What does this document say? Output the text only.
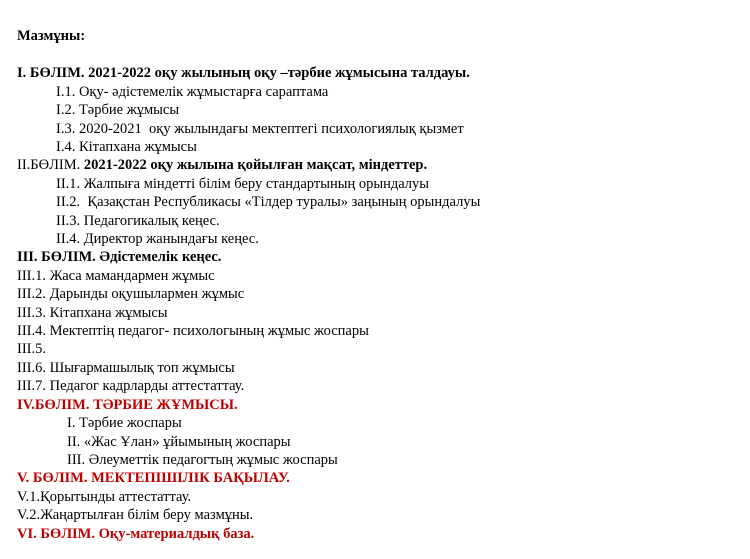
Мазмұны:
І. БӨЛІМ. 2021-2022 оқу жылының оқу –тәрбие жұмысына талдауы.
І.1. Оқу- әдістемелік жұмыстарға сараптама
І.2. Тәрбие жұмысы
І.3. 2020-2021  оқу жылындағы мектептегі психологиялық қызмет
І.4. Кітапхана жұмысы
ІІ.БӨЛІМ. 2021-2022 оқу жылына қойылған мақсат, міндеттер.
ІІ.1. Жалпыға міндетті білім беру стандартының орындалуы
ІІ.2.  Қазақстан Республикасы «Тілдер туралы» заңының орындалуы
ІІ.3. Педагогикалық кеңес.
ІІ.4. Директор жанындағы кеңес.
ІІІ. БӨЛІМ. Әдістемелік кеңес.
ІІІ.1. Жаса мамандармен жұмыс
ІІІ.2. Дарынды оқушылармен жұмыс
ІІІ.3. Кітапхана жұмысы
ІІІ.4. Мектептің педагог- психологының жұмыс жоспары
ІІІ.5.
ІІІ.6. Шығармашылық топ жұмысы
ІІІ.7. Педагог кадрларды аттестаттау.
ІV.БӨЛІМ. ТӘРБИЕ ЖҰМЫСЫ.
І. Тәрбие жоспары
ІІ. «Жас Ұлан» ұйымының жоспары
ІІІ. Әлеуметтік педагогтың жұмыс жоспары
V. БӨЛІМ. МЕКТЕПІШІЛІК БАҚЫЛАУ.
V.1.Қорытынды аттестаттау.
V.2.Жаңартылған білім беру мазмұны.
VІ. БӨЛІМ. Оқу-материалдық база.
